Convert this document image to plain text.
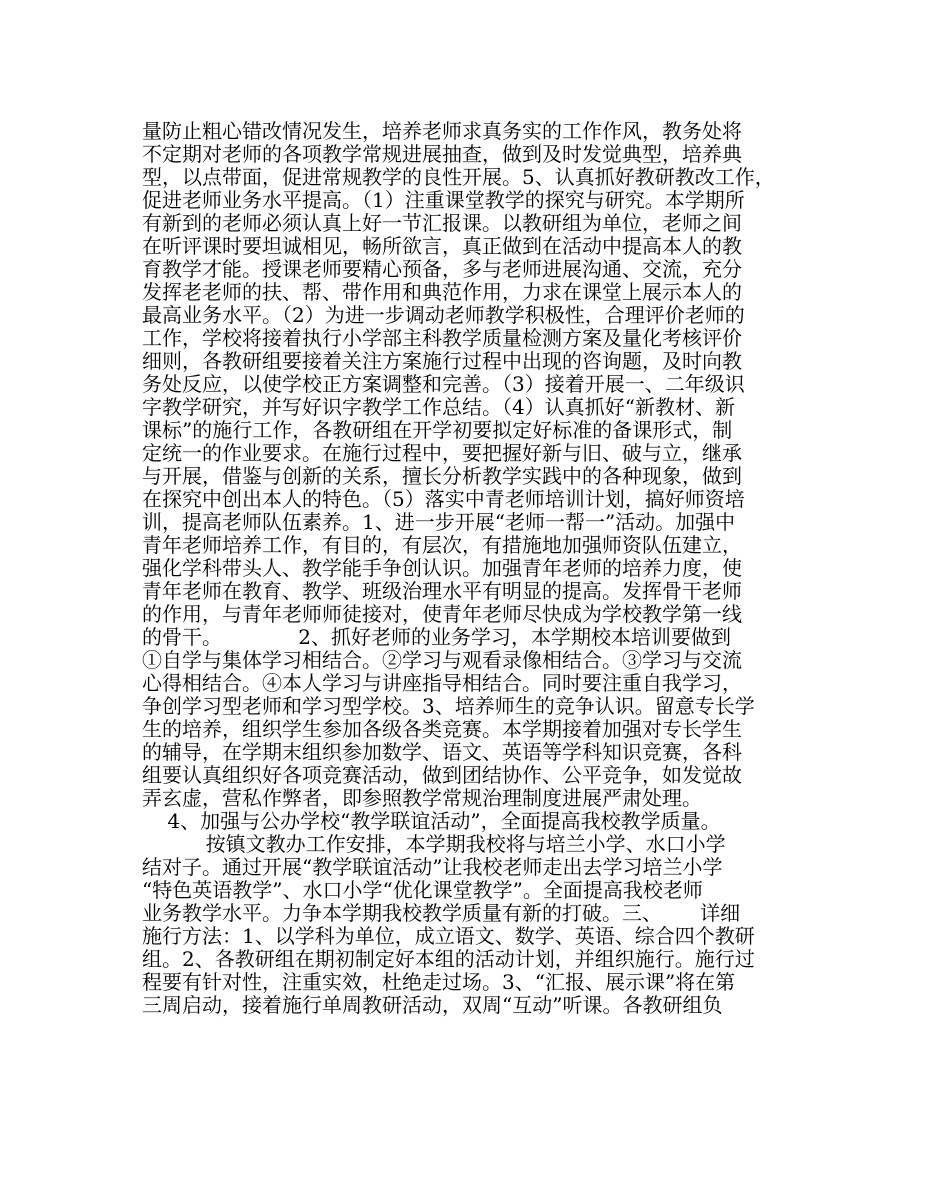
量防止粗心错改情况发生，培养老师求真务实的工作作风，教务处将
不定期对老师的各项教学常规进展抽查，做到及时发觉典型，培养典
型，以点带面，促进常规教学的良性开展。5、认真抓好教研教改工作，
促进老师业务水平提高。（1）注重课堂教学的探究与研究。本学期所
有新到的老师必须认真上好一节汇报课。以教研组为单位，老师之间
在听评课时要坦诚相见，畅所欲言，真正做到在活动中提高本人的教
育教学才能。授课老师要精心预备，多与老师进展沟通、交流，充分
发挥老老师的扶、帮、带作用和典范作用，力求在课堂上展示本人的
最高业务水平。（2）为进一步调动老师教学积极性，合理评价老师的
工作，学校将接着执行小学部主科教学质量检测方案及量化考核评价
细则，各教研组要接着关注方案施行过程中出现的咨询题，及时向教
务处反应，以使学校正方案调整和完善。（3）接着开展一、二年级识
字教学研究，并写好识字教学工作总结。（4）认真抓好“新教材、新
课标”的施行工作，各教研组在开学初要拟定好标准的备课形式，制
定统一的作业要求。在施行过程中，要把握好新与旧、破与立，继承
与开展，借鉴与创新的关系，擅长分析教学实践中的各种现象，做到
在探究中创出本人的特色。（5）落实中青老师培训计划，搞好师资培
训，提高老师队伍素养。1、进一步开展“老师一帮一”活动。加强中
青年老师培养工作，有目的，有层次，有措施地加强师资队伍建立，
强化学科带头人、教学能手争创认识。加强青年老师的培养力度，使
青年老师在教育、教学、班级治理水平有明显的提高。发挥骨干老师
的作用，与青年老师师徒接对，使青年老师尽快成为学校教学第一线
的骨干。            2、抓好老师的业务学习，本学期校本培训要做到
①自学与集体学习相结合。②学习与观看录像相结合。③学习与交流
心得相结合。④本人学习与讲座指导相结合。同时要注重自我学习，
争创学习型老师和学习型学校。3、培养师生的竞争认识。留意专长学
生的培养，组织学生参加各级各类竞赛。本学期接着加强对专长学生
的辅导，在学期末组织参加数学、语文、英语等学科知识竞赛，各科
组要认真组织好各项竞赛活动，做到团结协作、公平竞争，如发觉故
弄玄虚，营私作弊者，即参照教学常规治理制度进展严肃处理。
4、加强与公办学校“教学联谊活动”，全面提高我校教学质量。
按镇文教办工作安排，本学期我校将与培兰小学、水口小学
结对子。通过开展“教学联谊活动”让我校老师走出去学习培兰小学
“特色英语教学”、水口小学“优化课堂教学”。全面提高我校老师
业务教学水平。力争本学期我校教学质量有新的打破。三、      详细
施行方法：1、以学科为单位，成立语文、数学、英语、综合四个教研
组。2、各教研组在期初制定好本组的活动计划，并组织施行。施行过
程要有针对性，注重实效，杜绝走过场。3、“汇报、展示课”将在第
三周启动，接着施行单周教研活动，双周“互动”听课。各教研组负
